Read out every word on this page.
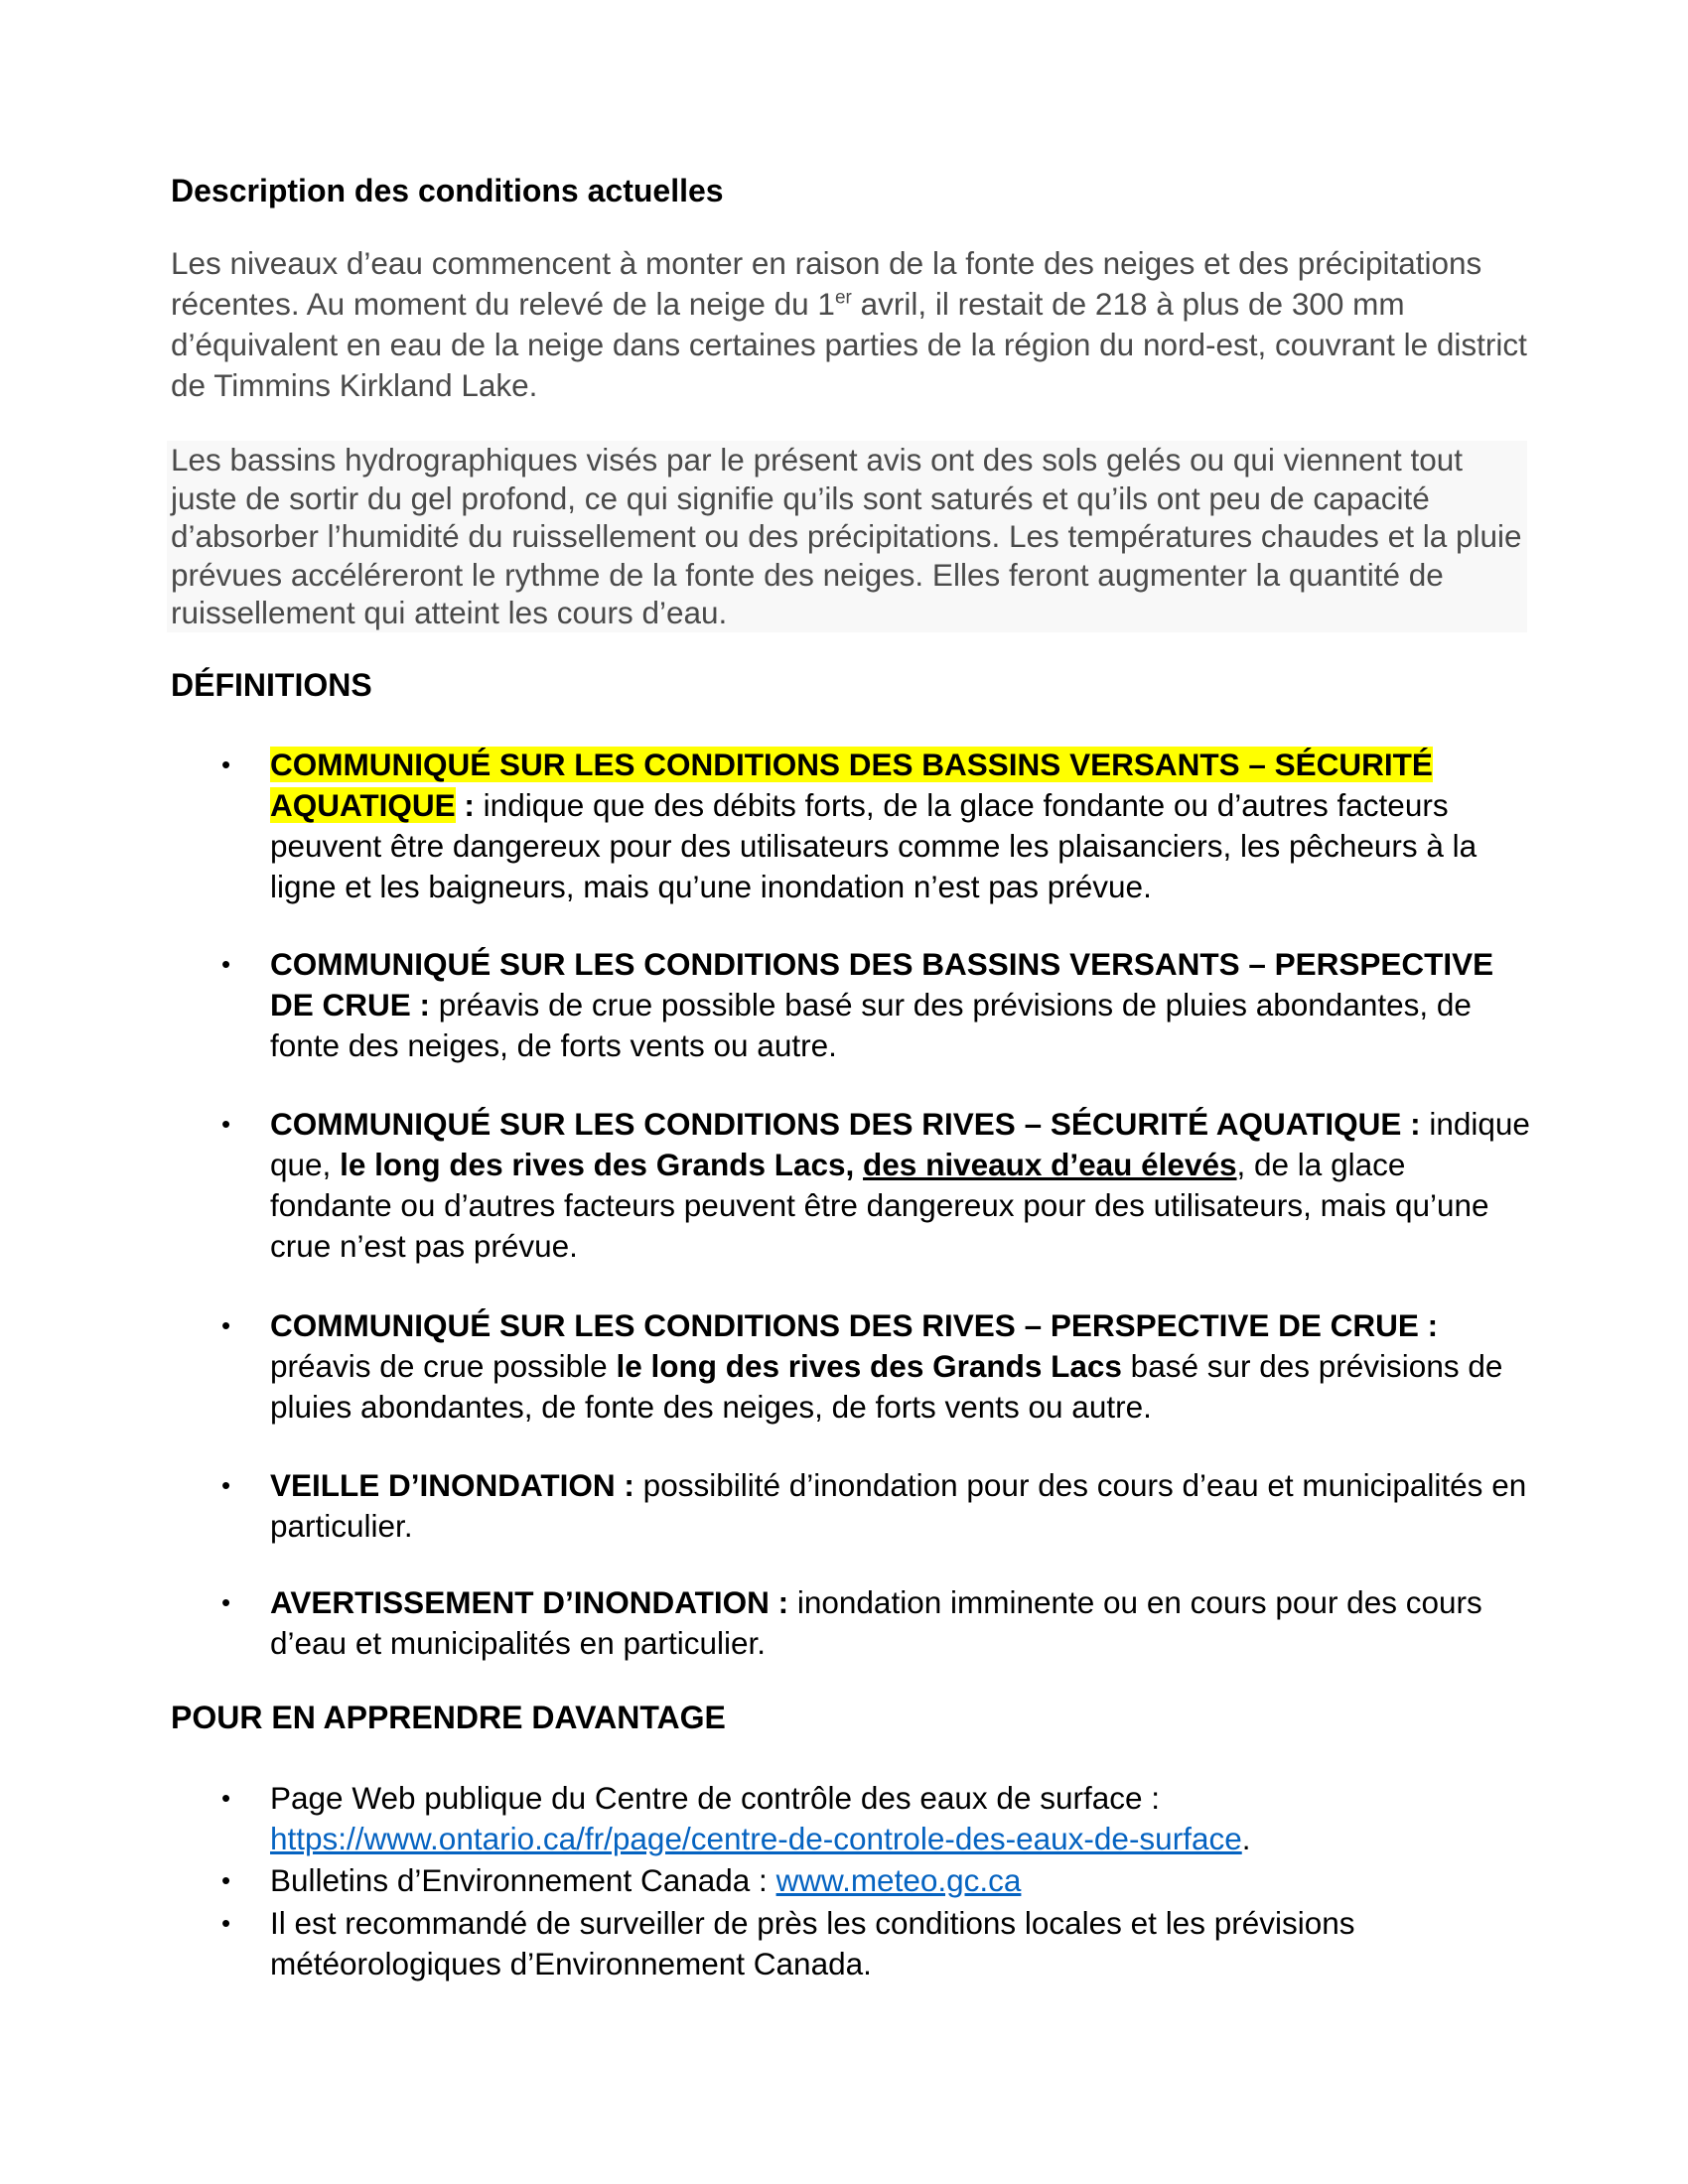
Description des conditions actuelles

Les niveaux d’eau commencent à monter en raison de la fonte des neiges et des précipitations récentes. Au moment du relevé de la neige du 1er avril, il restait de 218 à plus de 300 mm d’équivalent en eau de la neige dans certaines parties de la région du nord-est, couvrant le district de Timmins Kirkland Lake.

Les bassins hydrographiques visés par le présent avis ont des sols gelés ou qui viennent tout juste de sortir du gel profond, ce qui signifie qu’ils sont saturés et qu’ils ont peu de capacité d’absorber l’humidité du ruissellement ou des précipitations. Les températures chaudes et la pluie prévues accéléreront le rythme de la fonte des neiges. Elles feront augmenter la quantité de ruissellement qui atteint les cours d’eau.

DÉFINITIONS
•	COMMUNIQUÉ SUR LES CONDITIONS DES BASSINS VERSANTS – SÉCURITÉ AQUATIQUE : indique que des débits forts, de la glace fondante ou d’autres facteurs peuvent être dangereux pour des utilisateurs comme les plaisanciers, les pêcheurs à la ligne et les baigneurs, mais qu’une inondation n’est pas prévue.
•	COMMUNIQUÉ SUR LES CONDITIONS DES BASSINS VERSANTS – PERSPECTIVE DE CRUE : préavis de crue possible basé sur des prévisions de pluies abondantes, de fonte des neiges, de forts vents ou autre.
•	COMMUNIQUÉ SUR LES CONDITIONS DES RIVES – SÉCURITÉ AQUATIQUE : indique que, le long des rives des Grands Lacs, des niveaux d’eau élevés, de la glace fondante ou d’autres facteurs peuvent être dangereux pour des utilisateurs, mais qu’une crue n’est pas prévue.
•	COMMUNIQUÉ SUR LES CONDITIONS DES RIVES – PERSPECTIVE DE CRUE : préavis de crue possible le long des rives des Grands Lacs basé sur des prévisions de pluies abondantes, de fonte des neiges, de forts vents ou autre.
•	VEILLE D’INONDATION : possibilité d’inondation pour des cours d’eau et municipalités en particulier.
•	AVERTISSEMENT D’INONDATION : inondation imminente ou en cours pour des cours d’eau et municipalités en particulier.
POUR EN APPRENDRE DAVANTAGE
•	Page Web publique du Centre de contrôle des eaux de surface : https://www.ontario.ca/fr/page/centre-de-controle-des-eaux-de-surface.
•	Bulletins d’Environnement Canada : www.meteo.gc.ca
•	Il est recommandé de surveiller de près les conditions locales et les prévisions météorologiques d’Environnement Canada.
